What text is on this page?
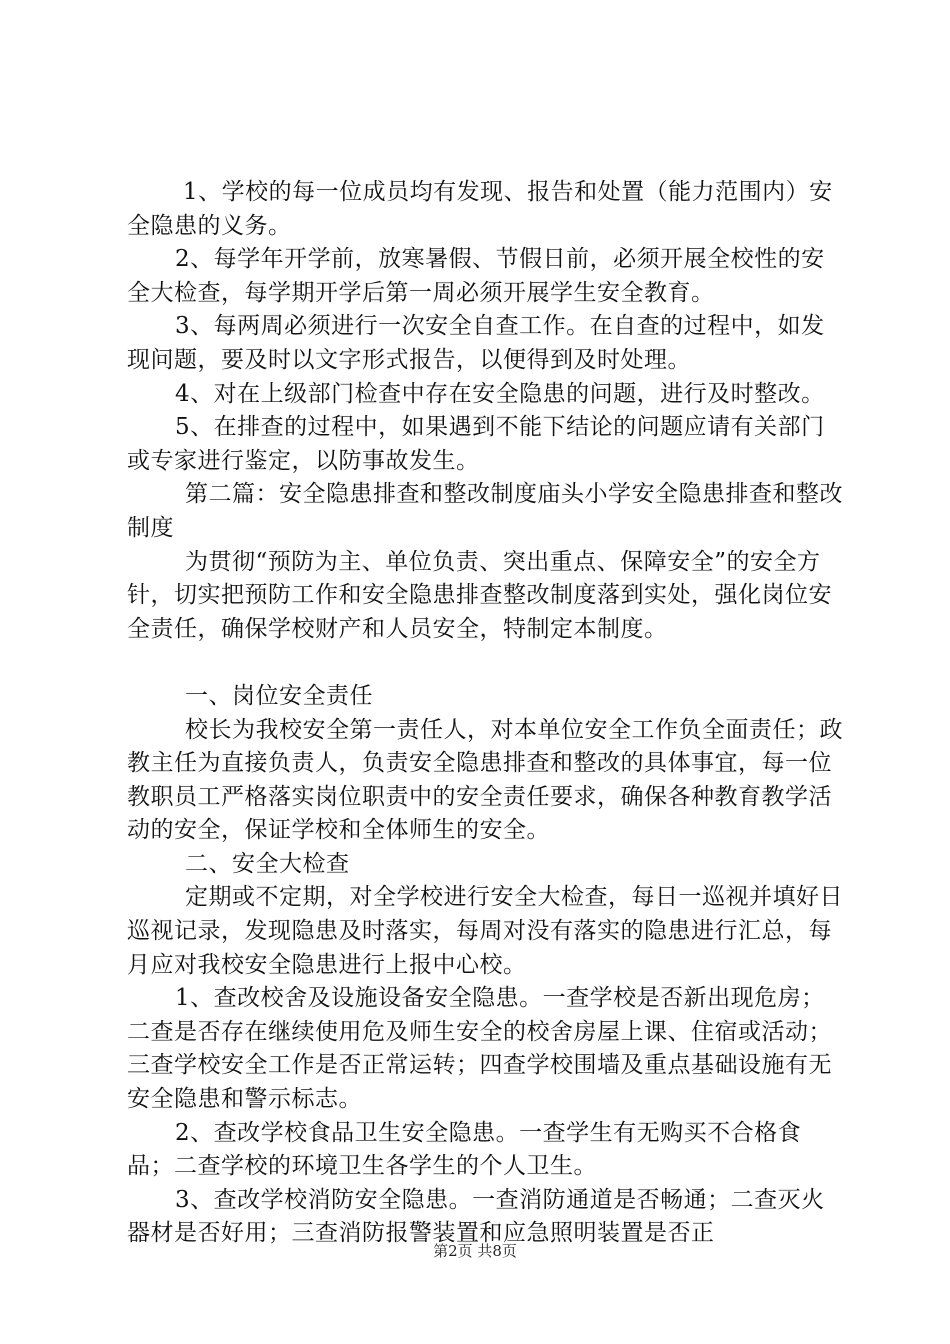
1、学校的每一位成员均有发现、报告和处置（能力范围内）安全隐患的义务。

2、每学年开学前，放寒暑假、节假日前，必须开展全校性的安全大检查，每学期开学后第一周必须开展学生安全教育。

3、每两周必须进行一次安全自查工作。在自查的过程中，如发现问题，要及时以文字形式报告，以便得到及时处理。

4、对在上级部门检查中存在安全隐患的问题，进行及时整改。

5、在排查的过程中，如果遇到不能下结论的问题应请有关部门或专家进行鉴定，以防事故发生。

第二篇：安全隐患排查和整改制度庙头小学安全隐患排查和整改制度

为贯彻“预防为主、单位负责、突出重点、保障安全”的安全方针，切实把预防工作和安全隐患排查整改制度落到实处，强化岗位安全责任，确保学校财产和人员安全，特制定本制度。

一、岗位安全责任

校长为我校安全第一责任人，对本单位安全工作负全面责任；政教主任为直接负责人，负责安全隐患排查和整改的具体事宜，每一位教职员工严格落实岗位职责中的安全责任要求，确保各种教育教学活动的安全，保证学校和全体师生的安全。

二、安全大检查

定期或不定期，对全学校进行安全大检查，每日一巡视并填好日巡视记录，发现隐患及时落实，每周对没有落实的隐患进行汇总，每月应对我校安全隐患进行上报中心校。

1、查改校舍及设施设备安全隐患。一查学校是否新出现危房；二查是否存在继续使用危及师生安全的校舍房屋上课、住宿或活动；三查学校安全工作是否正常运转；四查学校围墙及重点基础设施有无安全隐患和警示标志。

2、查改学校食品卫生安全隐患。一查学生有无购买不合格食品；二查学校的环境卫生各学生的个人卫生。

3、查改学校消防安全隐患。一查消防通道是否畅通；二查灭火器材是否好用；三查消防报警装置和应急照明装置是否正

第2页 共8页
